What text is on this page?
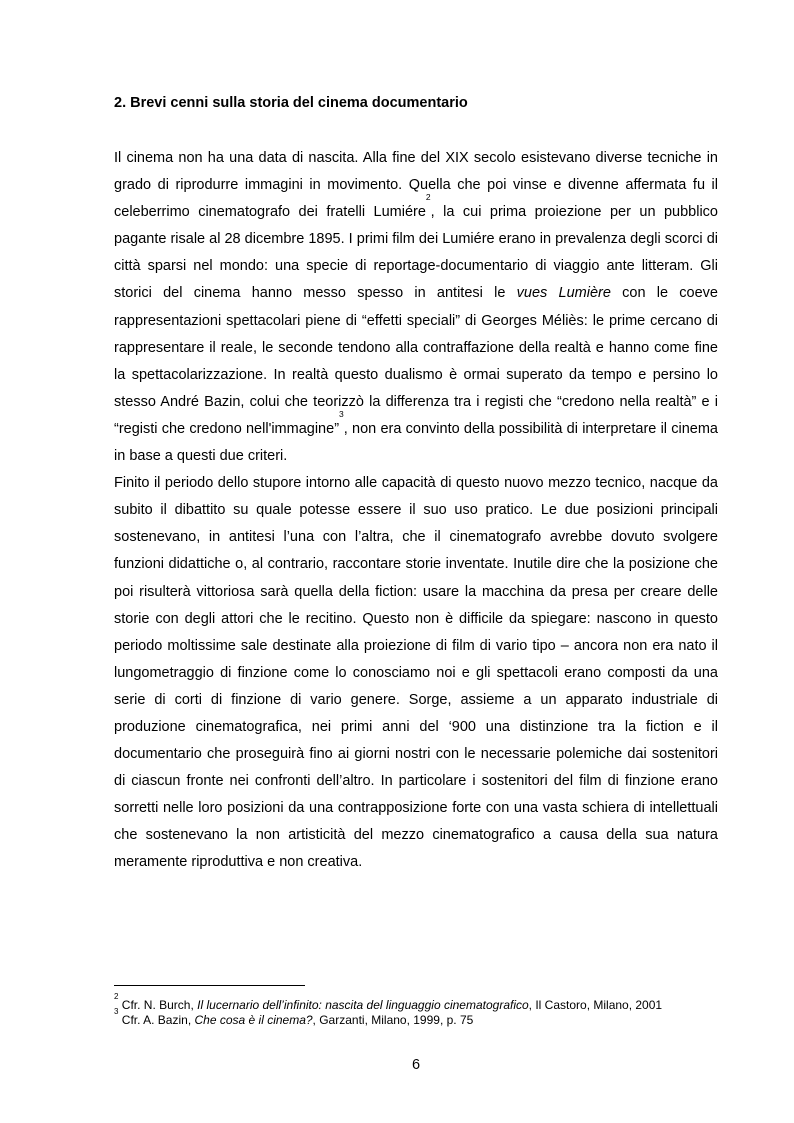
2. Brevi cenni sulla storia del cinema documentario

Il cinema non ha una data di nascita. Alla fine del XIX secolo esistevano diverse tecniche in grado di riprodurre immagini in movimento. Quella che poi vinse e divenne affermata fu il celeberrimo cinematografo dei fratelli Lumiére$^2$, la cui prima proiezione per un pubblico pagante risale al 28 dicembre 1895. I primi film dei Lumiére erano in prevalenza degli scorci di città sparsi nel mondo: una specie di reportage-documentario di viaggio ante litteram. Gli storici del cinema hanno messo spesso in antitesi le vues Lumière con le coeve rappresentazioni spettacolari piene di “effetti speciali” di Georges Méliès: le prime cercano di rappresentare il reale, le seconde tendono alla contraffazione della realtà e hanno come fine la spettacolarizzazione. In realtà questo dualismo è ormai superato da tempo e persino lo stesso André Bazin, colui che teorizzò la differenza tra i registi che “credono nella realtà” e i “registi che credono nell'immagine”$^3$, non era convinto della possibilità di interpretare il cinema in base a questi due criteri.

Finito il periodo dello stupore intorno alle capacità di questo nuovo mezzo tecnico, nacque da subito il dibattito su quale potesse essere il suo uso pratico. Le due posizioni principali sostenevano, in antitesi l’una con l’altra, che il cinematografo avrebbe dovuto svolgere funzioni didattiche o, al contrario, raccontare storie inventate. Inutile dire che la posizione che poi risulterà vittoriosa sarà quella della fiction: usare la macchina da presa per creare delle storie con degli attori che le recitino. Questo non è difficile da spiegare: nascono in questo periodo moltissime sale destinate alla proiezione di film di vario tipo – ancora non era nato il lungometraggio di finzione come lo conosciamo noi e gli spettacoli erano composti da una serie di corti di finzione di vario genere. Sorge, assieme a un apparato industriale di produzione cinematografica, nei primi anni del ‘900 una distinzione tra la fiction e il documentario che proseguirà fino ai giorni nostri con le necessarie polemiche dai sostenitori di ciascun fronte nei confronti dell’altro. In particolare i sostenitori del film di finzione erano sorretti nelle loro posizioni da una contrapposizione forte con una vasta schiera di intellettuali che sostenevano la non artisticità del mezzo cinematografico a causa della sua natura meramente riproduttiva e non creativa.

$^2$ Cfr. N. Burch, Il lucernario dell’infinito: nascita del linguaggio cinematografico, Il Castoro, Milano, 2001

$^3$ Cfr. A. Bazin, Che cosa è il cinema?, Garzanti, Milano, 1999, p. 75

6
